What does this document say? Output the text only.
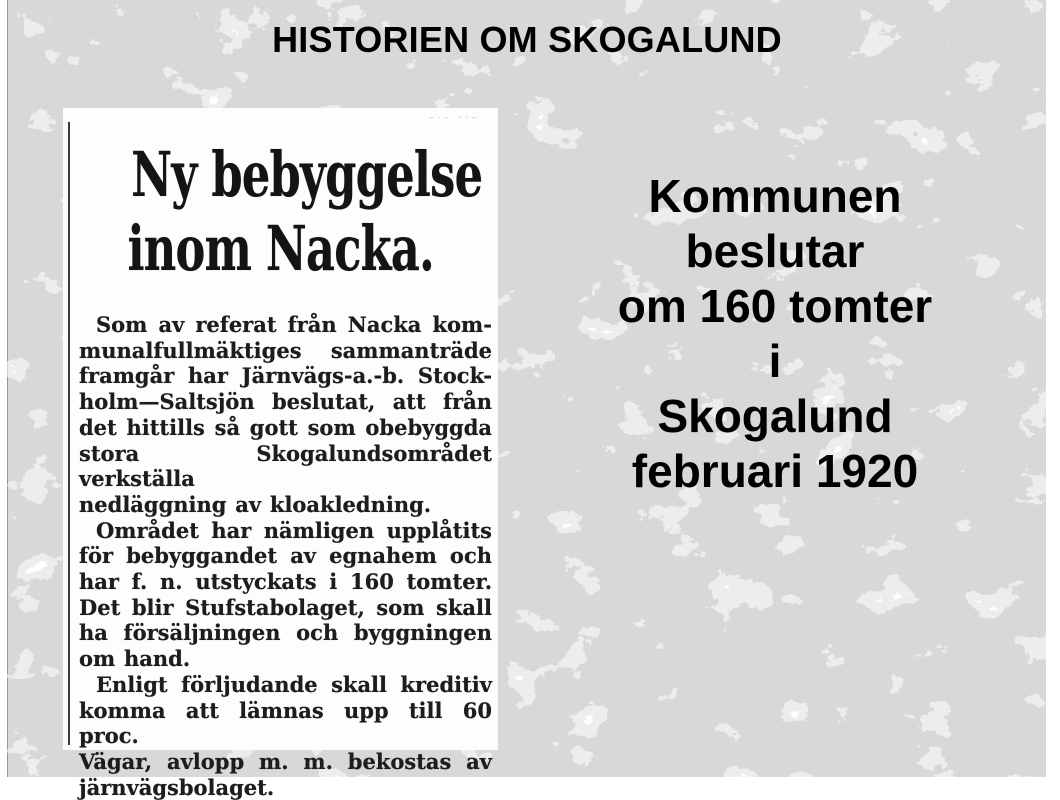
HISTORIEN OM SKOGALUND
–·– ··–
Ny bebyggelse
inom Nacka.
Som av referat från Nacka kom-
munalfullmäktiges sammanträde
framgår har Järnvägs-a.-b. Stock-
holm—Saltsjön beslutat, att från
det hittills så gott som obebyggda
stora Skogalundsområdet verkställa
nedläggning av kloakledning.
Området har nämligen upplåtits
för bebyggandet av egnahem och
har f. n. utstyckats i 160 tomter.
Det blir Stufstabolaget, som skall
ha försäljningen och byggningen
om hand.
Enligt förljudande skall kreditiv
komma att lämnas upp till 60 proc.
Vägar, avlopp m. m. bekostas av
järnvägsbolaget.
Kommunen
beslutar
om 160 tomter
i
Skogalund
februari 1920
